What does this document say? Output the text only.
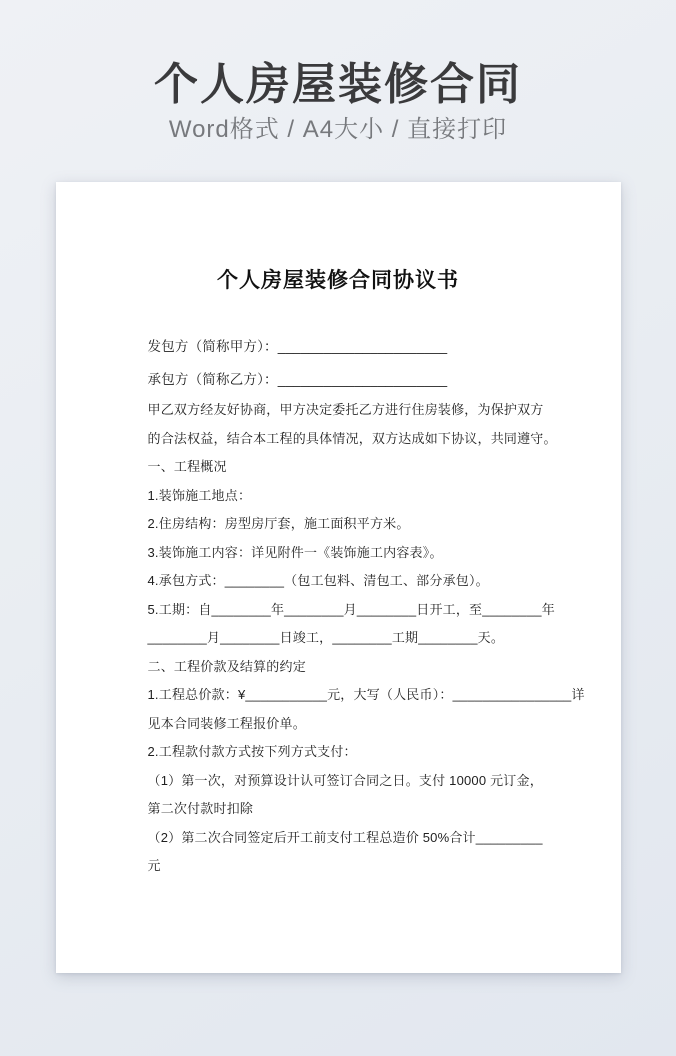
个人房屋装修合同

Word格式 / A4大小 / 直接打印

个人房屋装修合同协议书

发包方（简称甲方）：______________________

承包方（简称乙方）：______________________

甲乙双方经友好协商，甲方决定委托乙方进行住房装修，为保护双方

的合法权益，结合本工程的具体情况，双方达成如下协议，共同遵守。

一、工程概况

1.装饰施工地点：

2.住房结构：房型房厅套，施工面积平方米。

3.装饰施工内容：详见附件一《装饰施工内容表》。

4.承包方式：________（包工包料、清包工、部分承包）。

5.工期：自________年________月________日开工，至________年

________月________日竣工，________工期________天。

二、工程价款及结算的约定

1.工程总价款：¥___________元，大写（人民币）：________________详

见本合同装修工程报价单。

2.工程款付款方式按下列方式支付：

（1）第一次，对预算设计认可签订合同之日。支付 10000 元订金，

第二次付款时扣除

（2）第二次合同签定后开工前支付工程总造价 50%合计_________

元
